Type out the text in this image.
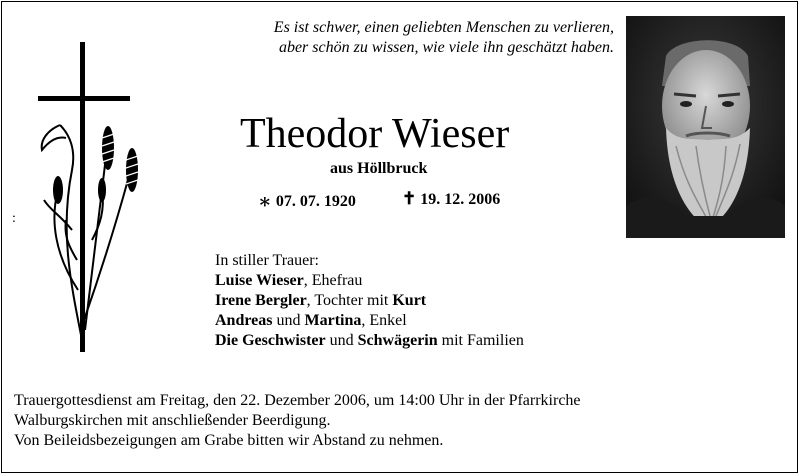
Es ist schwer, einen geliebten Menschen zu verlieren,
aber schön zu wissen, wie viele ihn geschätzt haben.
Theodor Wieser
aus Höllbruck
∗ 07. 07. 1920	✝ 19. 12. 2006
:
In stiller Trauer:
Luise Wieser, Ehefrau
Irene Bergler, Tochter mit Kurt
Andreas und Martina, Enkel
Die Geschwister und Schwägerin mit Familien
Trauergottesdienst am Freitag, den 22. Dezember 2006, um 14:00 Uhr in der Pfarrkirche
Walburgskirchen mit anschließender Beerdigung.
Von Beileidsbezeigungen am Grabe bitten wir Abstand zu nehmen.
